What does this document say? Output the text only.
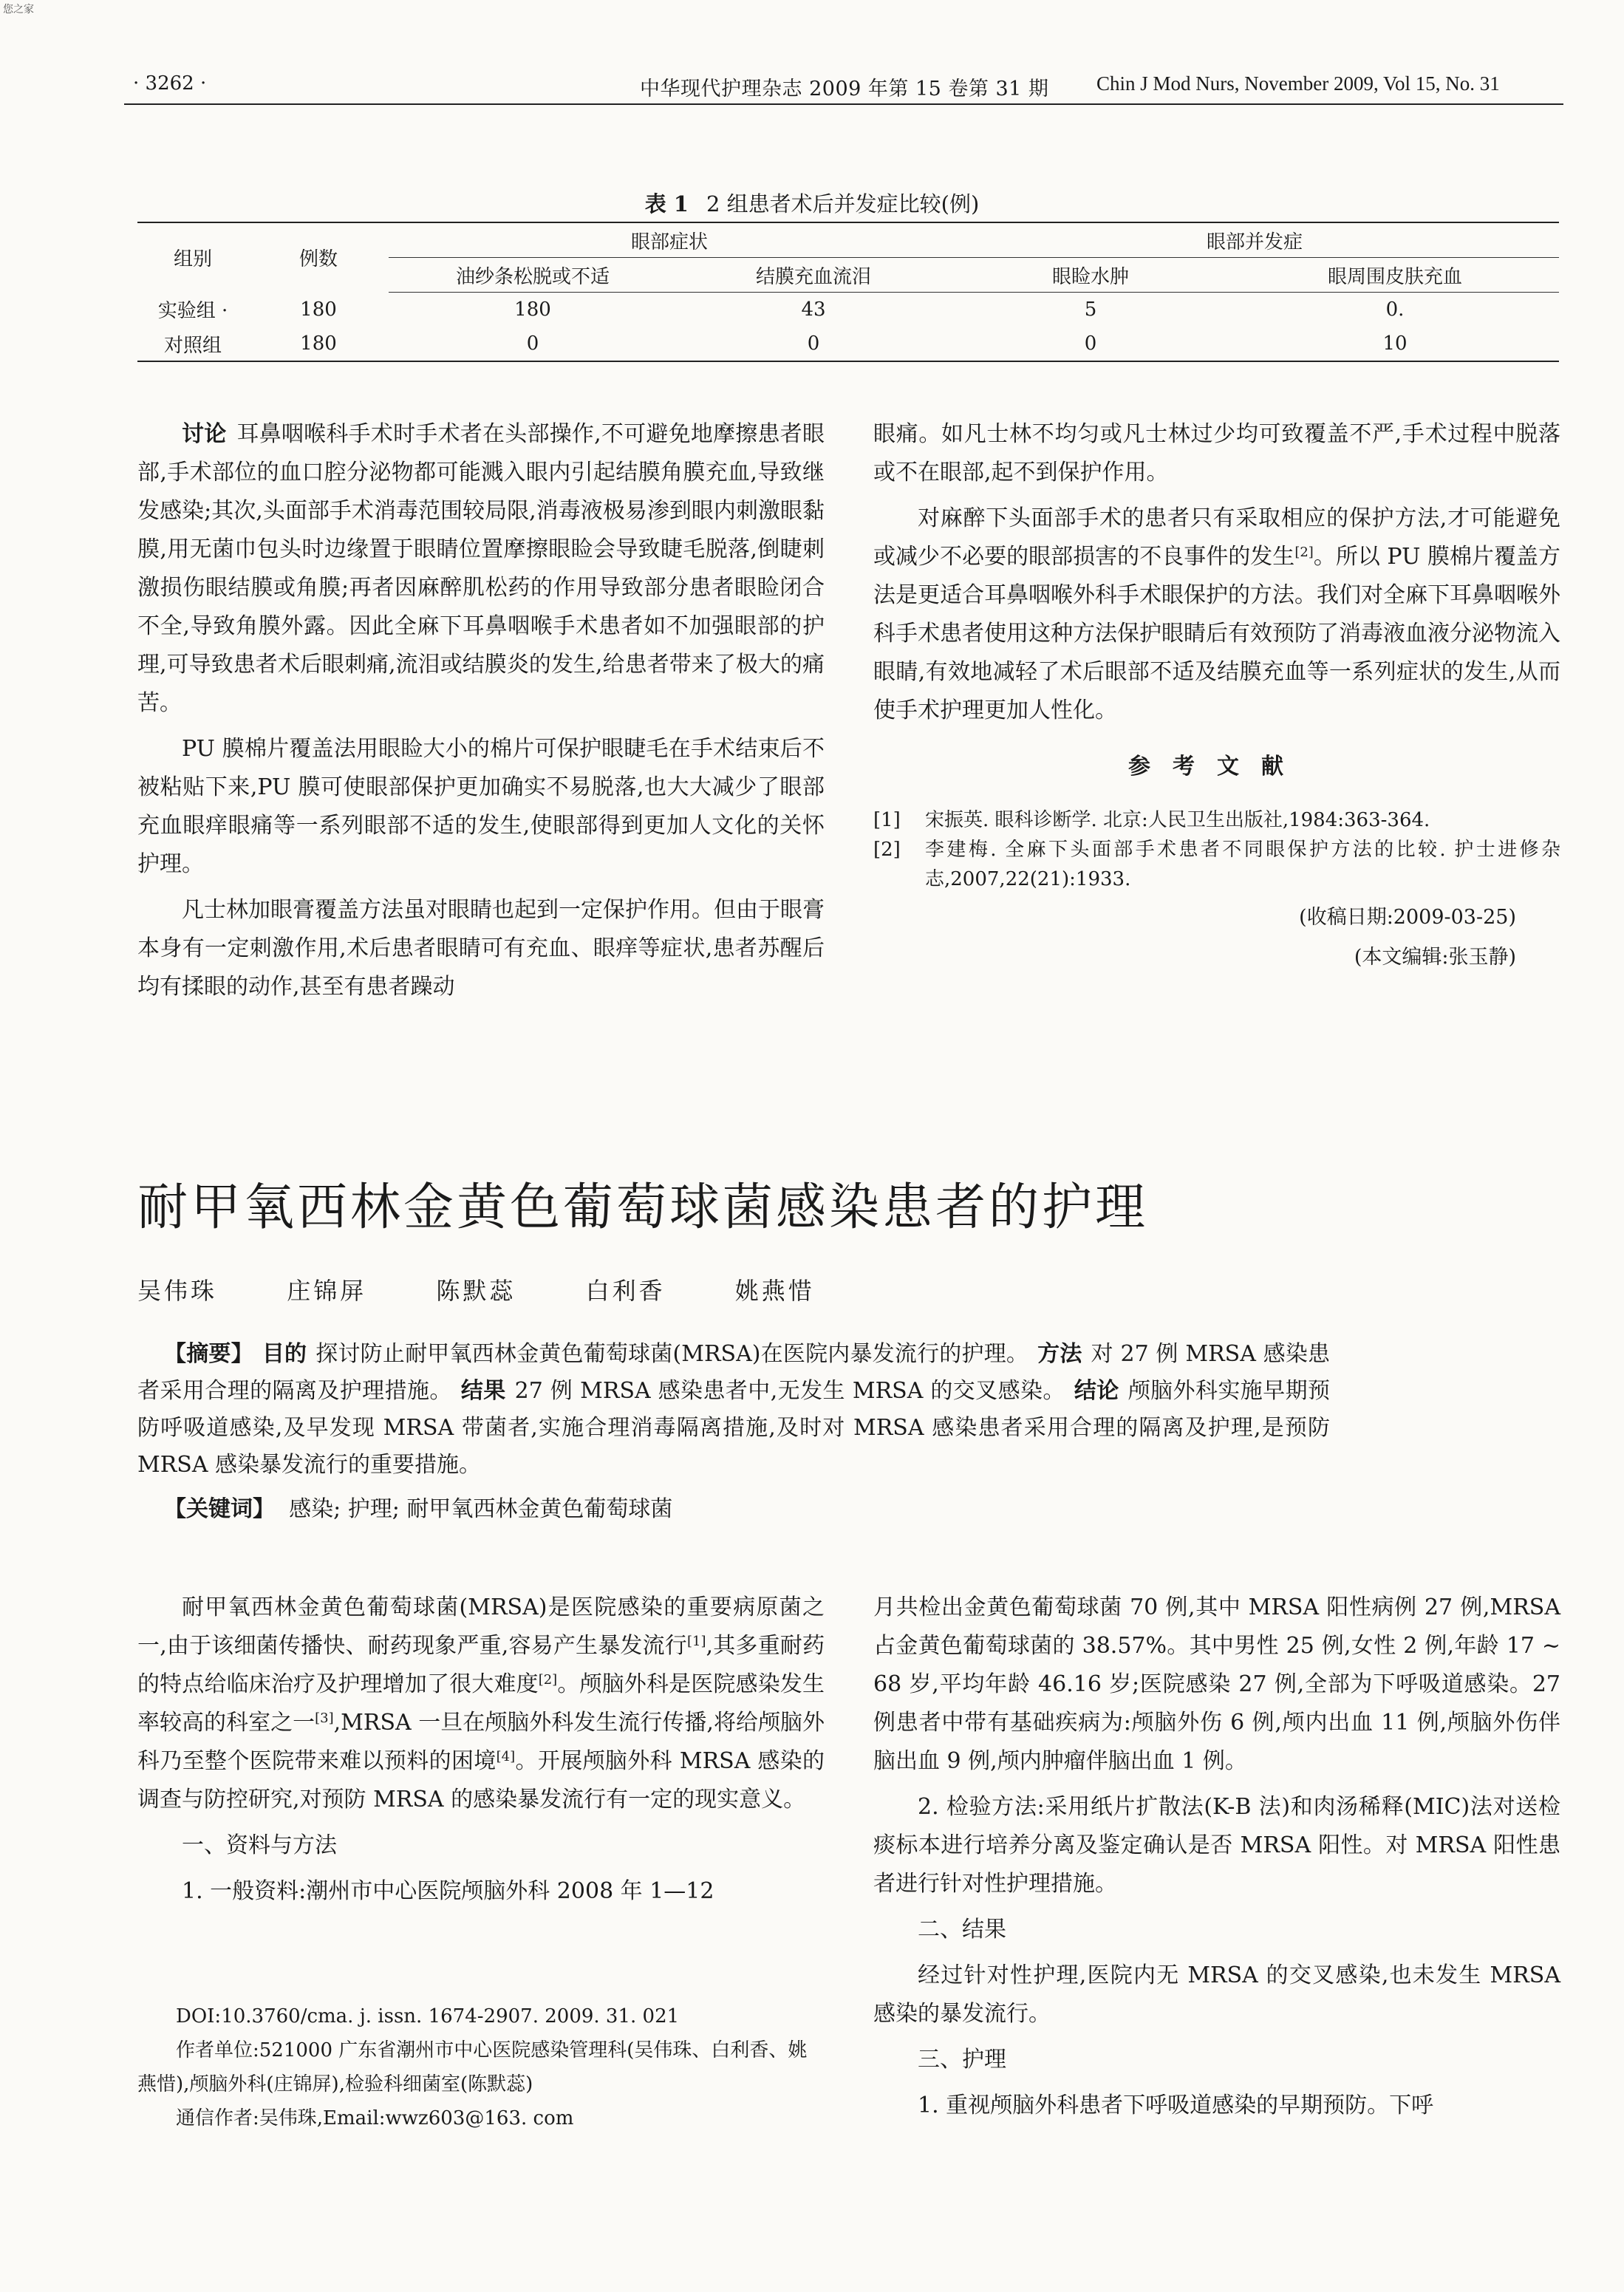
您之家
· 3262 ·	中华现代护理杂志 2009 年第 15 卷第 31 期 Chin J Mod Nurs, November 2009, Vol 15, No. 31
表 1 2 组患者术后并发症比较(例)
组别	例数	眼部症状		眼部并发症	
		油纱条松脱或不适	结膜充血流泪	眼睑水肿	眼周围皮肤充血
实验组 ·	180	180	43	5	0.
对照组	180	0	0	0	10

讨论 耳鼻咽喉科手术时手术者在头部操作,不可避免地摩擦患者眼部,手术部位的血口腔分泌物都可能溅入眼内引起结膜角膜充血,导致继发感染;其次,头面部手术消毒范围较局限,消毒液极易渗到眼内刺激眼黏膜,用无菌巾包头时边缘置于眼睛位置摩擦眼睑会导致睫毛脱落,倒睫刺激损伤眼结膜或角膜;再者因麻醉肌松药的作用导致部分患者眼睑闭合不全,导致角膜外露。因此全麻下耳鼻咽喉手术患者如不加强眼部的护理,可导致患者术后眼刺痛,流泪或结膜炎的发生,给患者带来了极大的痛苦。

PU 膜棉片覆盖法用眼睑大小的棉片可保护眼睫毛在手术结束后不被粘贴下来,PU 膜可使眼部保护更加确实不易脱落,也大大减少了眼部充血眼痒眼痛等一系列眼部不适的发生,使眼部得到更加人文化的关怀护理。

凡士林加眼膏覆盖方法虽对眼睛也起到一定保护作用。但由于眼膏本身有一定刺激作用,术后患者眼睛可有充血、眼痒等症状,患者苏醒后均有揉眼的动作,甚至有患者躁动

眼痛。如凡士林不均匀或凡士林过少均可致覆盖不严,手术过程中脱落或不在眼部,起不到保护作用。

对麻醉下头面部手术的患者只有采取相应的保护方法,才可能避免或减少不必要的眼部损害的不良事件的发生[2]。所以 PU 膜棉片覆盖方法是更适合耳鼻咽喉外科手术眼保护的方法。我们对全麻下耳鼻咽喉外科手术患者使用这种方法保护眼睛后有效预防了消毒液血液分泌物流入眼睛,有效地减轻了术后眼部不适及结膜充血等一系列症状的发生,从而使手术护理更加人性化。

参考文献
[1]	宋振英. 眼科诊断学. 北京:人民卫生出版社,1984:363-364.
[2]	李建梅. 全麻下头面部手术患者不同眼保护方法的比较. 护士进修杂志,2007,22(21):1933.
(收稿日期:2009-03-25)
(本文编辑:张玉静)
耐甲氧西林金黄色葡萄球菌感染患者的护理
吴伟珠	庄锦屏	陈默蕊	白利香	姚燕惜

【摘要】 目的 探讨防止耐甲氧西林金黄色葡萄球菌(MRSA)在医院内暴发流行的护理。 方法 对 27 例 MRSA 感染患者采用合理的隔离及护理措施。 结果 27 例 MRSA 感染患者中,无发生 MRSA 的交叉感染。 结论 颅脑外科实施早期预防呼吸道感染,及早发现 MRSA 带菌者,实施合理消毒隔离措施,及时对 MRSA 感染患者采用合理的隔离及护理,是预防 MRSA 感染暴发流行的重要措施。

【关键词】 感染; 护理; 耐甲氧西林金黄色葡萄球菌

耐甲氧西林金黄色葡萄球菌(MRSA)是医院感染的重要病原菌之一,由于该细菌传播快、耐药现象严重,容易产生暴发流行[1],其多重耐药的特点给临床治疗及护理增加了很大难度[2]。颅脑外科是医院感染发生率较高的科室之一[3],MRSA 一旦在颅脑外科发生流行传播,将给颅脑外科乃至整个医院带来难以预料的困境[4]。开展颅脑外科 MRSA 感染的调查与防控研究,对预防 MRSA 的感染暴发流行有一定的现实意义。

一、资料与方法

1. 一般资料:潮州市中心医院颅脑外科 2008 年 1—12

DOI:10.3760/cma. j. issn. 1674-2907. 2009. 31. 021

作者单位:521000 广东省潮州市中心医院感染管理科(吴伟珠、白利香、姚燕惜),颅脑外科(庄锦屏),检验科细菌室(陈默蕊)

通信作者:吴伟珠,Email:wwz603@163. com

月共检出金黄色葡萄球菌 70 例,其中 MRSA 阳性病例 27 例,MRSA 占金黄色葡萄球菌的 38.57%。其中男性 25 例,女性 2 例,年龄 17 ~ 68 岁,平均年龄 46.16 岁;医院感染 27 例,全部为下呼吸道感染。27 例患者中带有基础疾病为:颅脑外伤 6 例,颅内出血 11 例,颅脑外伤伴脑出血 9 例,颅内肿瘤伴脑出血 1 例。

2. 检验方法:采用纸片扩散法(K-B 法)和肉汤稀释(MIC)法对送检痰标本进行培养分离及鉴定确认是否 MRSA 阳性。对 MRSA 阳性患者进行针对性护理措施。

二、结果

经过针对性护理,医院内无 MRSA 的交叉感染,也未发生 MRSA 感染的暴发流行。

三、护理

1. 重视颅脑外科患者下呼吸道感染的早期预防。下呼
